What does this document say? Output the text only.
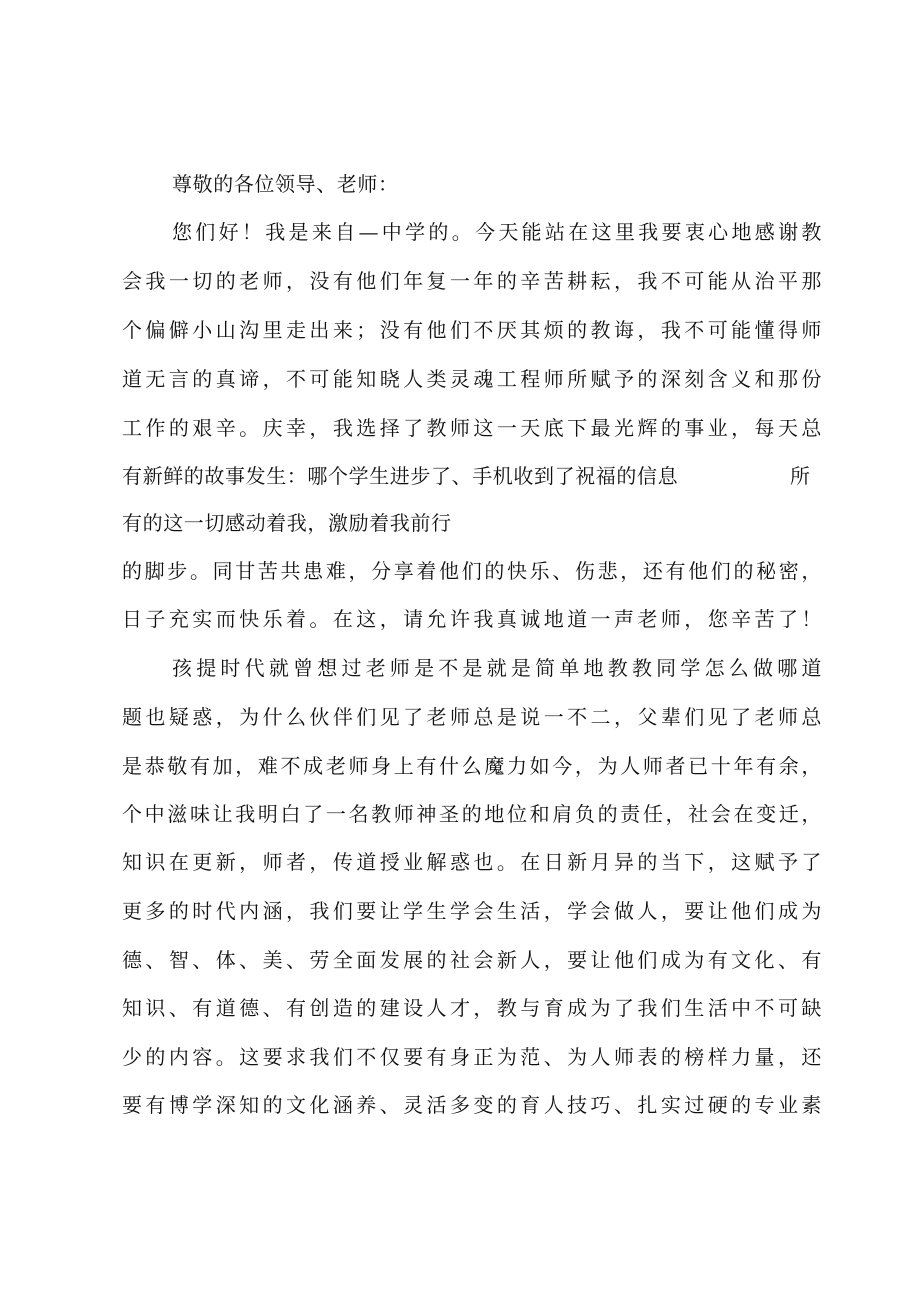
尊敬的各位领导、老师：
您们好！我是来自—中学的。今天能站在这里我要衷心地感谢教
会我一切的老师，没有他们年复一年的辛苦耕耘，我不可能从治平那
个偏僻小山沟里走出来；没有他们不厌其烦的教诲，我不可能懂得师
道无言的真谛，不可能知晓人类灵魂工程师所赋予的深刻含义和那份
工作的艰辛。庆幸，我选择了教师这一天底下最光辉的事业，每天总
有新鲜的故事发生：哪个学生进步了、手机收到了祝福的信息	所
有的这一切感动着我，激励着我前行
的脚步。同甘苦共患难，分享着他们的快乐、伤悲，还有他们的秘密，
日子充实而快乐着。在这，请允许我真诚地道一声老师，您辛苦了！
孩提时代就曾想过老师是不是就是简单地教教同学怎么做哪道
题也疑惑，为什么伙伴们见了老师总是说一不二，父辈们见了老师总
是恭敬有加，难不成老师身上有什么魔力如今，为人师者已十年有余，
个中滋味让我明白了一名教师神圣的地位和肩负的责任，社会在变迁，
知识在更新，师者，传道授业解惑也。在日新月异的当下，这赋予了
更多的时代内涵，我们要让学生学会生活，学会做人，要让他们成为
德、智、体、美、劳全面发展的社会新人，要让他们成为有文化、有
知识、有道德、有创造的建设人才，教与育成为了我们生活中不可缺
少的内容。这要求我们不仅要有身正为范、为人师表的榜样力量，还
要有博学深知的文化涵养、灵活多变的育人技巧、扎实过硬的专业素
